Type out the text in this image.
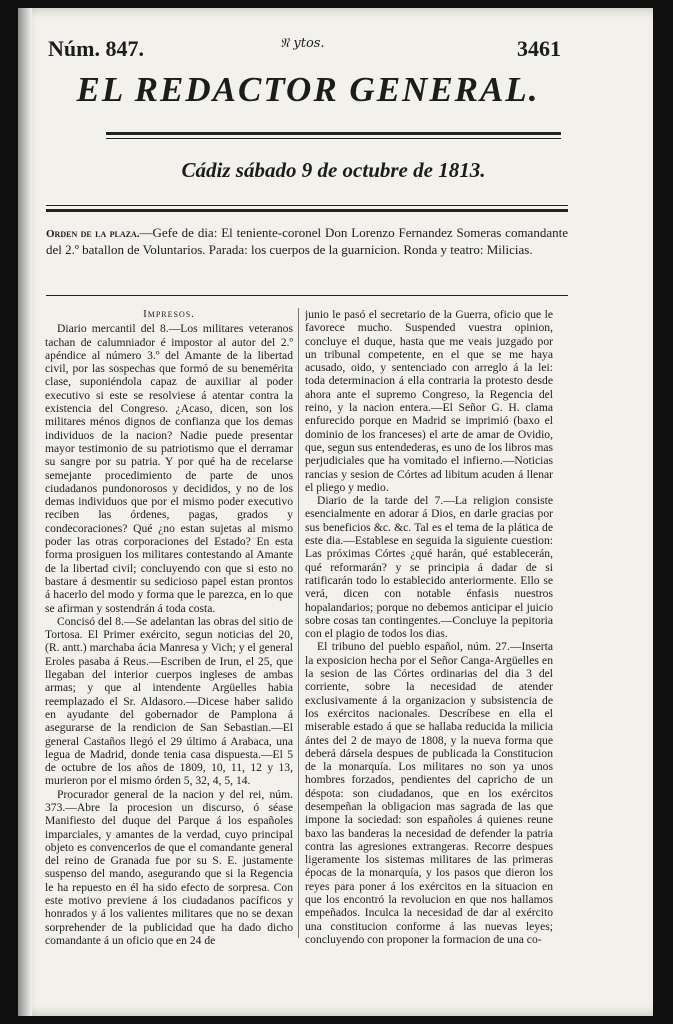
Núm. 847.	𝔑 ytos.	3461
EL REDACTOR GENERAL.
Cádiz sábado 9 de octubre de 1813.
Orden de la plaza.—Gefe de dia: El teniente-coronel Don Lorenzo Fernandez Someras comandante del 2.º batallon de Voluntarios. Parada: los cuerpos de la guarnicion. Ronda y teatro: Milicias.
Impresos.

Diario mercantil del 8.—Los militares veteranos tachan de calumniador é impostor al autor del 2.º apéndice al número 3.º del Amante de la libertad civil, por las sospechas que formó de su benemérita clase, suponiéndola capaz de auxiliar al poder executivo si este se resolviese á atentar contra la existencia del Congreso. ¿Acaso, dicen, son los militares ménos dignos de confianza que los demas individuos de la nacion? Nadie puede presentar mayor testimonio de su patriotismo que el derramar su sangre por su patria. Y por qué ha de recelarse semejante procedimiento de parte de unos ciudadanos pundonorosos y decididos, y no de los demas individuos que por el mismo poder executivo reciben las órdenes, pagas, grados y condecoraciones? Qué ¿no estan sujetas al mismo poder las otras corporaciones del Estado? En esta forma prosiguen los militares contestando al Amante de la libertad civil; concluyendo con que si esto no bastare á desmentir su sedicioso papel estan prontos á hacerlo del modo y forma que le parezca, en lo que se afirman y sostendrán á toda costa.

Concisó del 8.—Se adelantan las obras del sitio de Tortosa. El Primer exército, segun noticias del 20, (R. antt.) marchaba ácia Manresa y Vich; y el general Eroles pasaba á Reus.—Escriben de Irun, el 25, que llegaban del interior cuerpos ingleses de ambas armas; y que al intendente Argüelles habia reemplazado el Sr. Aldasoro.—Dicese haber salido en ayudante del gobernador de Pamplona á asegurarse de la rendicion de San Sebastian.—El general Castaños llegó el 29 último á Arabaca, una legua de Madrid, donde tenia casa dispuesta.—El 5 de octubre de los años de 1809, 10, 11, 12 y 13, murieron por el mismo órden 5, 32, 4, 5, 14.

Procurador general de la nacion y del rei, núm. 373.—Abre la procesion un discurso, ó séase Manifiesto del duque del Parque á los españoles imparciales, y amantes de la verdad, cuyo principal objeto es convencerlos de que el comandante general del reino de Granada fue por su S. E. justamente suspenso del mando, asegurando que si la Regencia le ha repuesto en él ha sido efecto de sorpresa. Con este motivo previene á los ciudadanos pacíficos y honrados y á los valientes militares que no se dexan sorprehender de la publicidad que ha dado dicho comandante á un oficio que en 24 de

junio le pasó el secretario de la Guerra, oficio que le favorece mucho. Suspended vuestra opinion, concluye el duque, hasta que me veais juzgado por un tribunal competente, en el que se me haya acusado, oido, y sentenciado con arreglo á la lei: toda determinacion á ella contraria la protesto desde ahora ante el supremo Congreso, la Regencia del reino, y la nacion entera.—El Señor G. H. clama enfurecido porque en Madrid se imprimió (baxo el dominio de los franceses) el arte de amar de Ovidio, que, segun sus entendederas, es uno de los libros mas perjudiciales que ha vomitado el infierno.—Noticias rancias y sesion de Córtes ad libitum acuden á llenar el pliego y medio.

Diario de la tarde del 7.—La religion consiste esencialmente en adorar á Dios, en darle gracias por sus beneficios &c. &c. Tal es el tema de la plática de este dia.—Establese en seguida la siguiente cuestion: Las próximas Córtes ¿qué harán, qué establecerán, qué reformarán? y se principia á dadar de si ratificarán todo lo establecido anteriormente. Ello se verá, dicen con notable énfasis nuestros hopalandarios; porque no debemos anticipar el juicio sobre cosas tan contingentes.—Concluye la pepitoria con el plagio de todos los dias.

El tribuno del pueblo español, núm. 27.—Inserta la exposicion hecha por el Señor Canga-Argüelles en la sesion de las Córtes ordinarias del dia 3 del corriente, sobre la necesidad de atender exclusivamente á la organizacion y subsistencia de los exércitos nacionales. Descríbese en ella el miserable estado á que se hallaba reducida la milicia ántes del 2 de mayo de 1808, y la nueva forma que deberá dársela despues de publicada la Constitucion de la monarquía. Los militares no son ya unos hombres forzados, pendientes del capricho de un déspota: son ciudadanos, que en los exércitos desempeñan la obligacion mas sagrada de las que impone la sociedad: son españoles á quienes reune baxo las banderas la necesidad de defender la patria contra las agresiones extrangeras. Recorre despues ligeramente los sistemas militares de las primeras épocas de la monarquía, y los pasos que dieron los reyes para poner á los exércitos en la situacion en que los encontró la revolucion en que nos hallamos empeñados. Inculca la necesidad de dar al exército una constitucion conforme á las nuevas leyes; concluyendo con proponer la formacion de una co-
